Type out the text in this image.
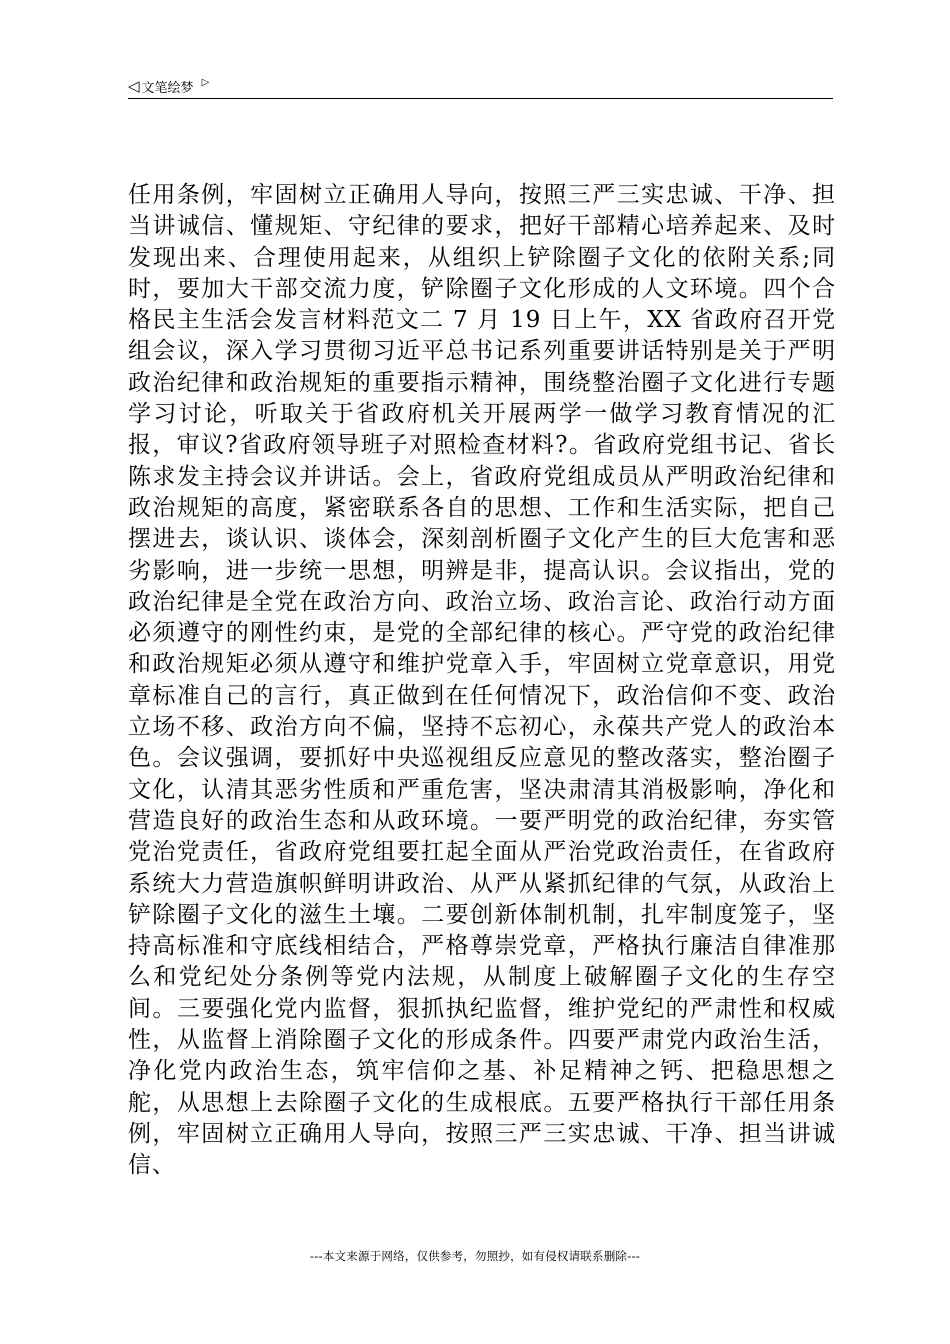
◁ 文笔绘梦 ▷

任用条例，牢固树立正确用人导向，按照三严三实忠诚、干净、担当讲诚信、懂规矩、守纪律的要求，把好干部精心培养起来、及时发现出来、合理使用起来，从组织上铲除圈子文化的依附关系;同时，要加大干部交流力度，铲除圈子文化形成的人文环境。四个合格民主生活会发言材料范文二 7 月 19 日上午，XX 省政府召开党组会议，深入学习贯彻习近平总书记系列重要讲话特别是关于严明政治纪律和政治规矩的重要指示精神，围绕整治圈子文化进行专题学习讨论，听取关于省政府机关开展两学一做学习教育情况的汇报，审议?省政府领导班子对照检查材料?。省政府党组书记、省长陈求发主持会议并讲话。会上，省政府党组成员从严明政治纪律和政治规矩的高度，紧密联系各自的思想、工作和生活实际，把自己摆进去，谈认识、谈体会，深刻剖析圈子文化产生的巨大危害和恶劣影响，进一步统一思想，明辨是非，提高认识。会议指出，党的政治纪律是全党在政治方向、政治立场、政治言论、政治行动方面必须遵守的刚性约束，是党的全部纪律的核心。严守党的政治纪律和政治规矩必须从遵守和维护党章入手，牢固树立党章意识，用党章标准自己的言行，真正做到在任何情况下，政治信仰不变、政治立场不移、政治方向不偏，坚持不忘初心，永葆共产党人的政治本色。会议强调，要抓好中央巡视组反应意见的整改落实，整治圈子文化，认清其恶劣性质和严重危害，坚决肃清其消极影响，净化和营造良好的政治生态和从政环境。一要严明党的政治纪律，夯实管党治党责任，省政府党组要扛起全面从严治党政治责任，在省政府系统大力营造旗帜鲜明讲政治、从严从紧抓纪律的气氛，从政治上铲除圈子文化的滋生土壤。二要创新体制机制，扎牢制度笼子，坚持高标准和守底线相结合，严格尊崇党章，严格执行廉洁自律准那么和党纪处分条例等党内法规，从制度上破解圈子文化的生存空间。三要强化党内监督，狠抓执纪监督，维护党纪的严肃性和权威性，从监督上消除圈子文化的形成条件。四要严肃党内政治生活，净化党内政治生态，筑牢信仰之基、补足精神之钙、把稳思想之舵，从思想上去除圈子文化的生成根底。五要严格执行干部任用条例，牢固树立正确用人导向，按照三严三实忠诚、干净、担当讲诚信、

---本文来源于网络，仅供参考，勿照抄，如有侵权请联系删除---
